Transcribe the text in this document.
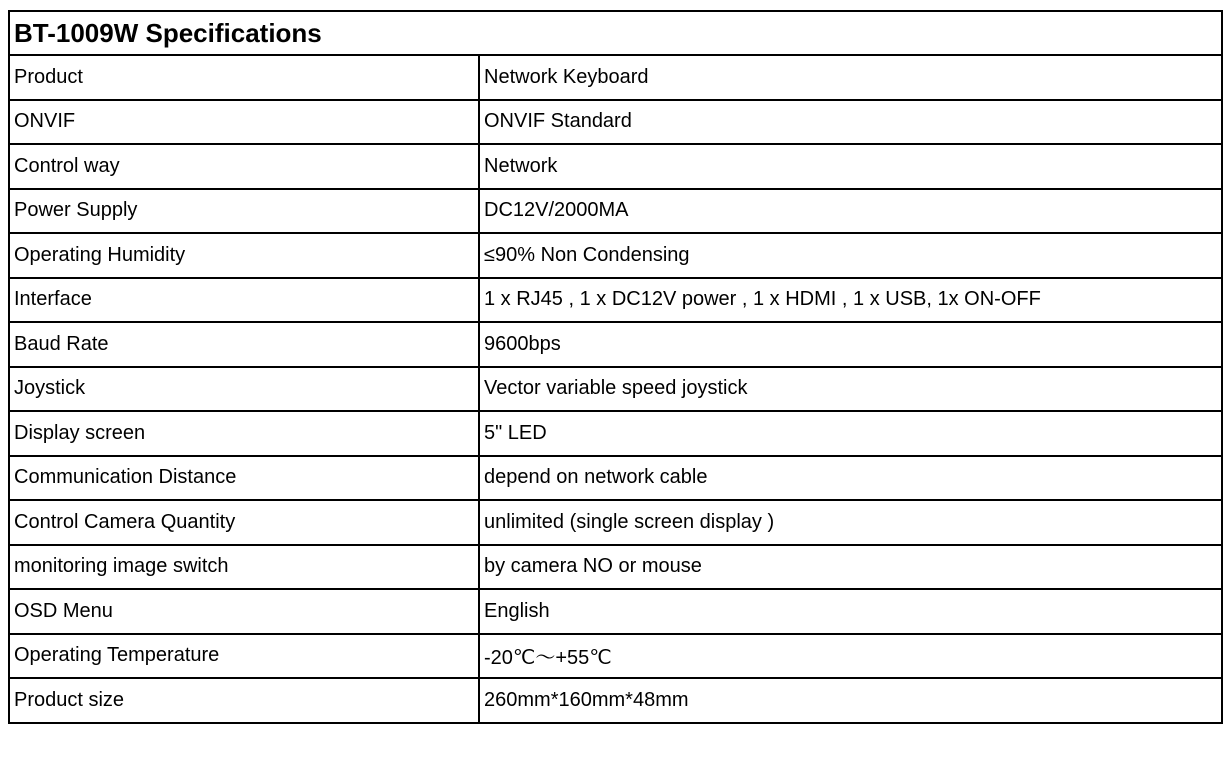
BT-1009W Specifications	
Product	Network Keyboard
ONVIF	ONVIF Standard
Control way	Network
Power Supply	DC12V/2000MA
Operating Humidity	≤90% Non Condensing
Interface	1 x RJ45 , 1 x DC12V power , 1 x HDMI , 1 x USB, 1x ON-OFF
Baud Rate	9600bps
Joystick	Vector variable speed joystick
Display screen	5" LED
Communication Distance	depend on network cable
Control Camera Quantity	unlimited (single screen display )
monitoring image switch	by camera NO or mouse
OSD Menu	English
Operating Temperature	-20℃～+55℃
Product size	260mm*160mm*48mm
